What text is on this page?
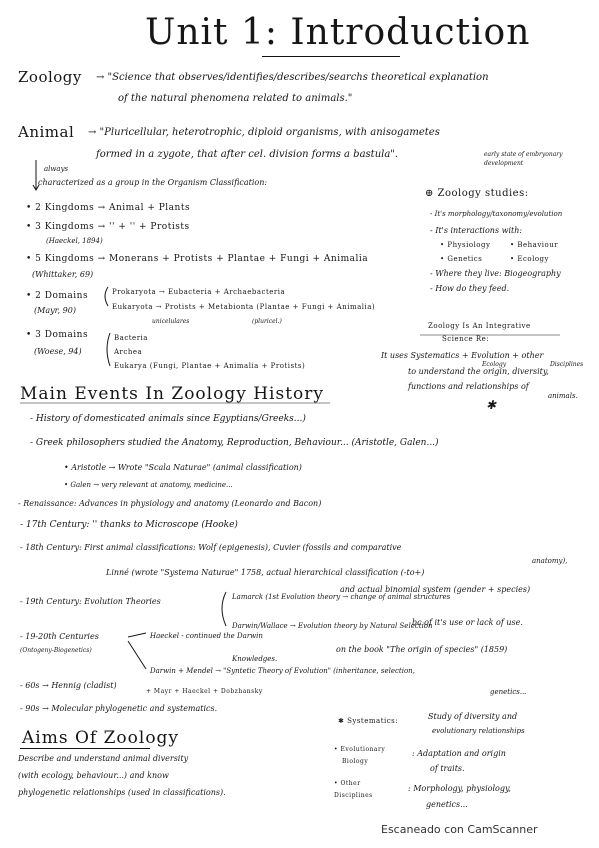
Unit 1: Introduction
Zoology → "Science that observes/identifies/describes/searchs theoretical explanation
of the natural phenomena related to animals."
Animal → "Pluricellular, heterotrophic, diploid organisms, with anisogametes
formed in a zygote, that after cel. division forms a bastula".	early state of embryonary development
always
characterized as a group in the Organism Classification:
• 2 Kingdoms → Animal + Plants
• 3 Kingdoms → '' + '' + Protists
(Haeckel, 1894)
• 5 Kingdoms → Monerans + Protists + Plantae + Fungi + Animalia
(Whittaker, 69)
• 2 Domains
(Mayr, 90)
Prokaryota → Eubacteria + Archaebacteria
Eukaryota → Protists + Metabionta (Plantae + Fungi + Animalia)
unicelulares	(pluricel.)
• 3 Domains
(Woese, 94)
Bacteria
Archea
Eukarya (Fungi, Plantae + Animalia + Protists)
⊕ Zoology studies:
- It's morphology/taxonomy/evolution
- It's interactions with:
• Physiology	• Behaviour
• Genetics	• Ecology
- Where they live: Biogeography
- How do they feed.
Zoology Is An Integrative
Science Re:
It uses Systematics + Evolution + other
Ecology	Disciplines
to understand the origin, diversity,
functions and relationships of
animals.
✱
Main Events In Zoology History
- History of domesticated animals since Egyptians/Greeks...)
- Greek philosophers studied the Anatomy, Reproduction, Behaviour... (Aristotle, Galen...)
• Aristotle → Wrote "Scala Naturae" (animal classification)
• Galen → very relevant at anatomy, medicine...
- Renaissance: Advances in physiology and anatomy (Leonardo and Bacon)
- 17th Century: '' thanks to Microscope (Hooke)
- 18th Century: First animal classifications: Wolf (epigenesis), Cuvier (fossils and comparative
anatomy),
Linné (wrote "Systema Naturae" 1758, actual hierarchical classification (-to+)
and actual binomial system (gender + species)
- 19th Century: Evolution Theories	Lamarck (1st Evolution theory → change of animal structures
bc of it's use or lack of use.
Darwin/Wallace → Evolution theory by Natural Selection
on the book "The origin of species" (1859)
- 19-20th Centuries
(Ontogeny-Biogenetics)
Haeckel - continued the Darwin
Knowledges.
Darwin + Mendel → "Syntetic Theory of Evolution" (inheritance, selection,
genetics...
+ Mayr + Haeckel + Dobzhansky
- 60s → Hennig (cladist)
- 90s → Molecular phylogenetic and systematics.
Aims Of Zoology
Describe and understand animal diversity
(with ecology, behaviour...) and know
phylogenetic relationships (used in classifications).
✱ Systematics:	Study of diversity and
evolutionary relationships
• Evolutionary
Biology
: Adaptation and origin
of traits.
• Other
Disciplines
: Morphology, physiology,
genetics...
Escaneado con CamScanner
